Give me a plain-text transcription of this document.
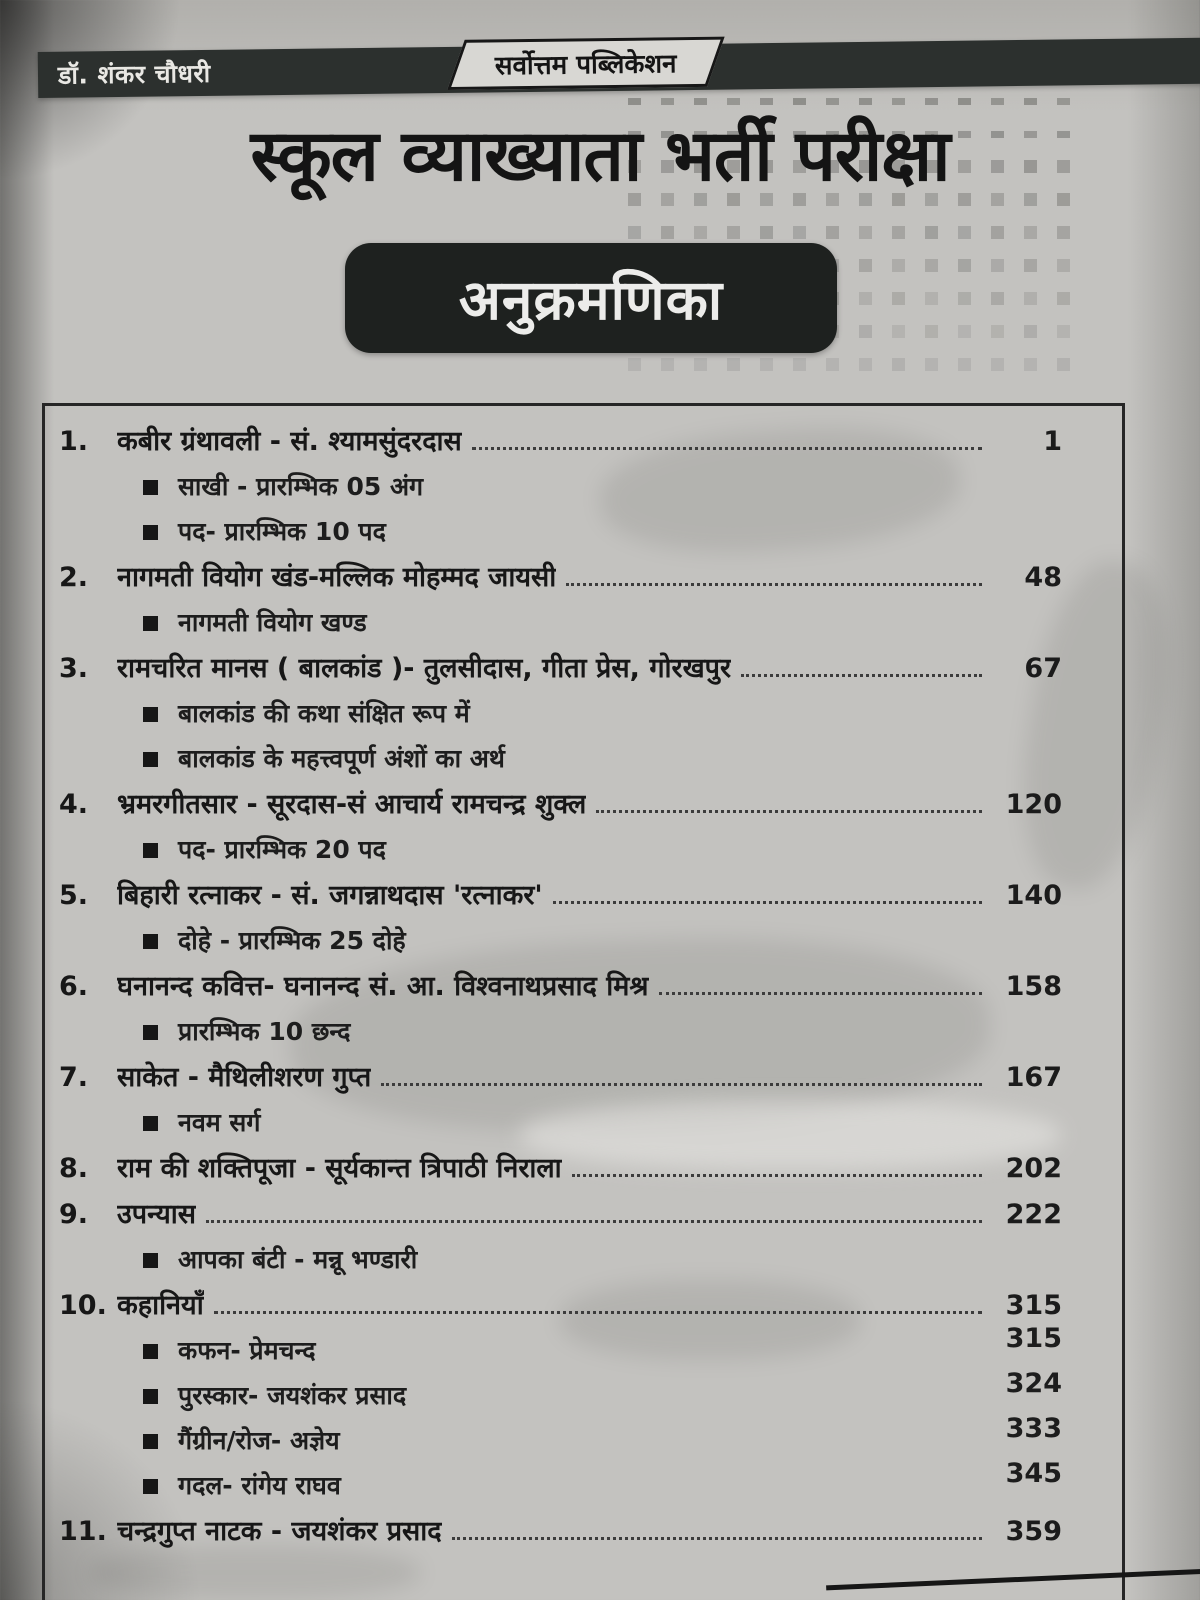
डॉ. शंकर चौधरी	सर्वोत्तम पब्लिकेशन
स्कूल व्याख्याता भर्ती परीक्षा
अनुक्रमणिका
1.	कबीर ग्रंथावली - सं. श्यामसुंदरदास	1
साखी - प्रारम्भिक 05 अंग
पद- प्रारम्भिक 10 पद
2.	नागमती वियोग खंड-मल्लिक मोहम्मद जायसी	48
नागमती वियोग खण्ड
3.	रामचरित मानस ( बालकांड )- तुलसीदास, गीता प्रेस, गोरखपुर	67
बालकांड की कथा संक्षित रूप में
बालकांड के महत्त्वपूर्ण अंशों का अर्थ
4.	भ्रमरगीतसार - सूरदास-सं आचार्य रामचन्द्र शुक्ल	120
पद- प्रारम्भिक 20 पद
5.	बिहारी रत्नाकर - सं. जगन्नाथदास 'रत्नाकर'	140
दोहे - प्रारम्भिक 25 दोहे
6.	घनानन्द कवित्त- घनानन्द सं. आ. विश्वनाथप्रसाद मिश्र	158
प्रारम्भिक 10 छन्द
7.	साकेत - मैथिलीशरण गुप्त	167
नवम सर्ग
8.	राम की शक्तिपूजा - सूर्यकान्त त्रिपाठी निराला	202
9.	उपन्यास	222
आपका बंटी - मन्नू भण्डारी
10. कहानियाँ	315
कफन- प्रेमचन्द	315
पुरस्कार- जयशंकर प्रसाद	324
गैंग्रीन/रोज- अज्ञेय	333
गदल- रांगेय राघव	345
11. चन्द्रगुप्त नाटक - जयशंकर प्रसाद	359
